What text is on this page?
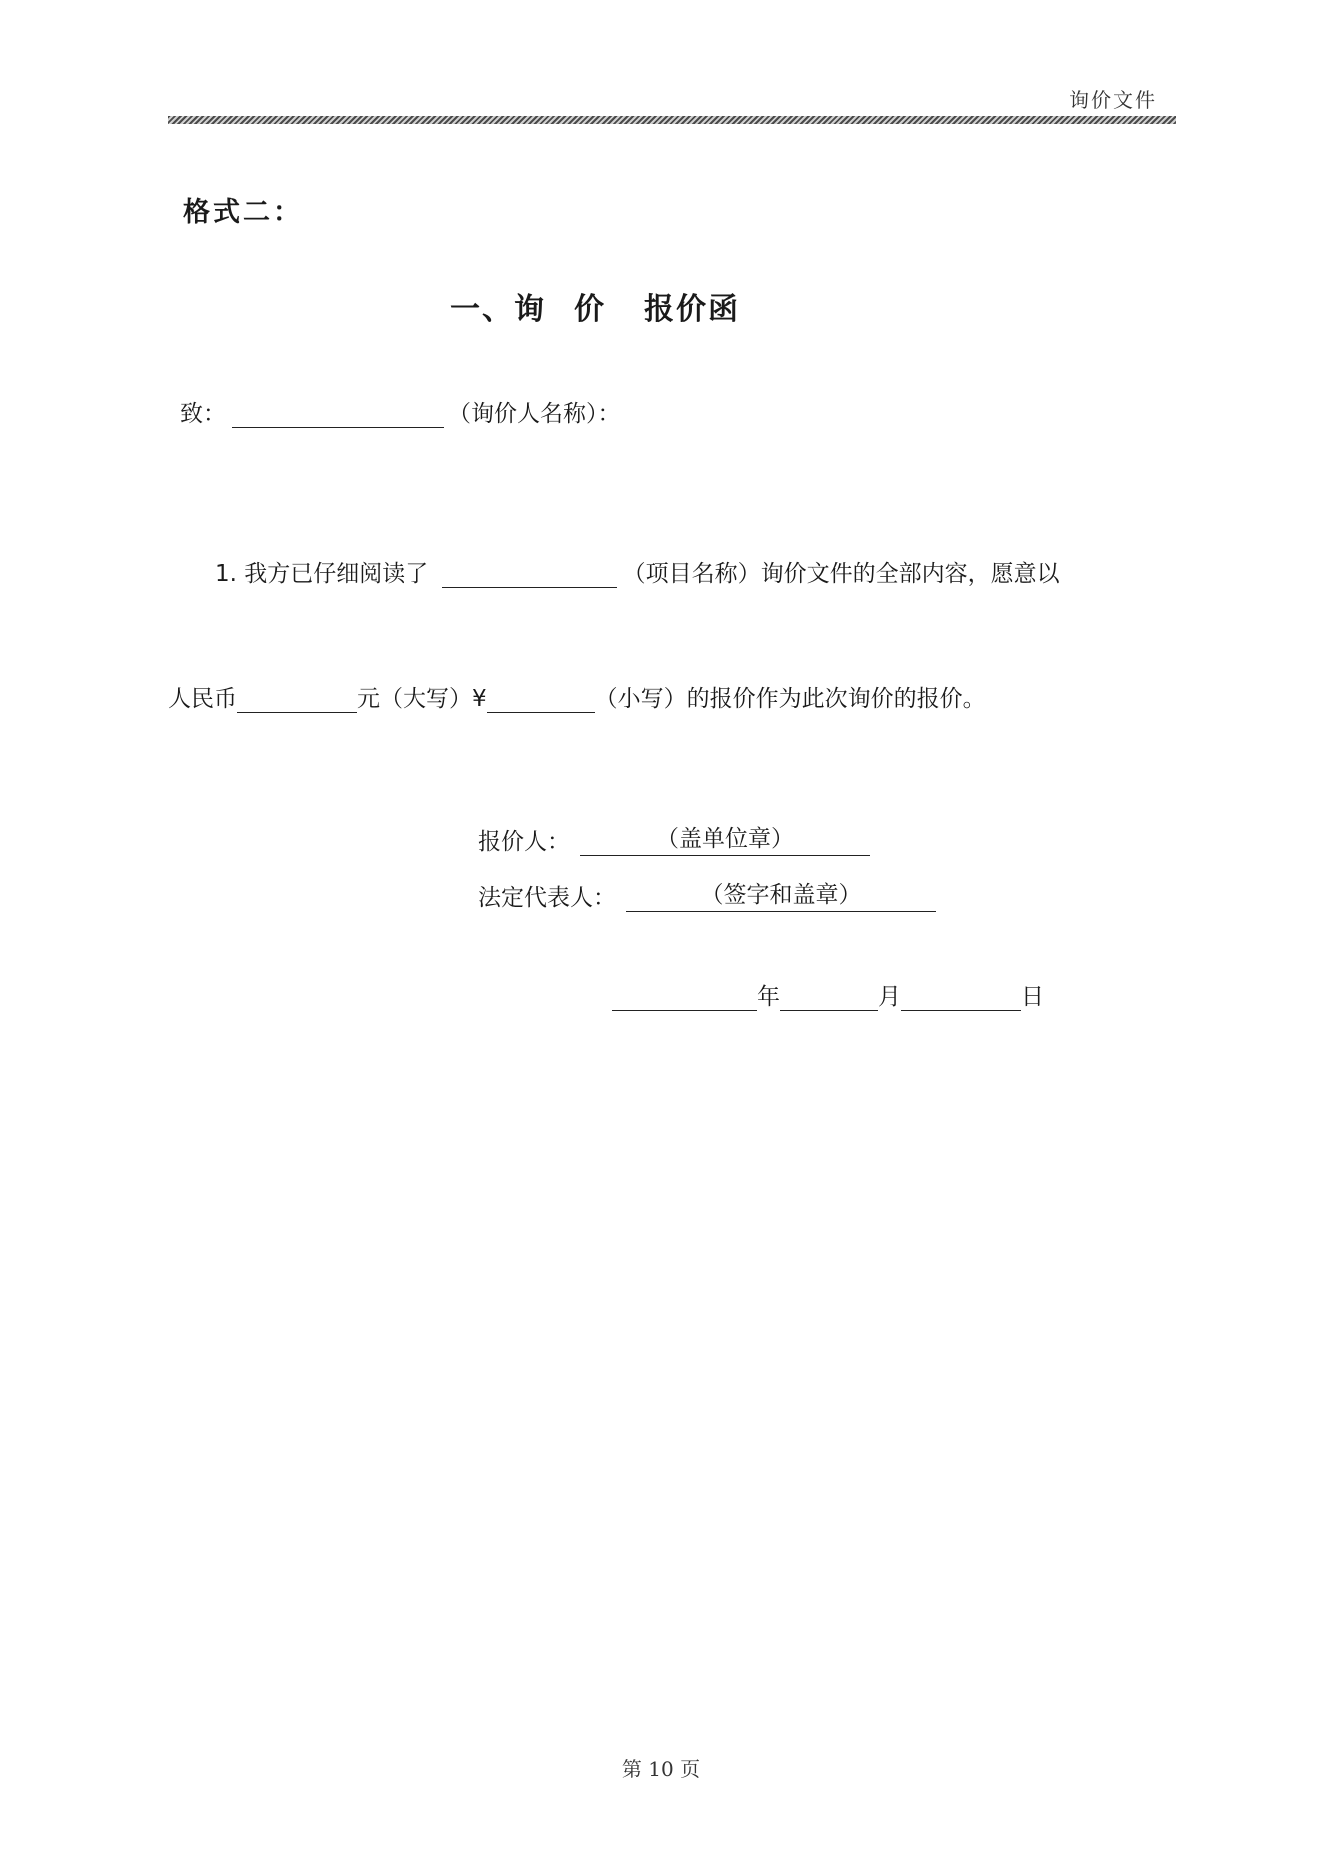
询价文件
格式二：
一、询 价 报价函
致：	（询价人名称）：
1. 我方已仔细阅读了	（项目名称）询价文件的全部内容，愿意以
人民币	元（大写）¥	（小写）的报价作为此次询价的报价。
报价人：	（盖单位章）
法定代表人：	（签字和盖章）
年	月	日
第 10 页
